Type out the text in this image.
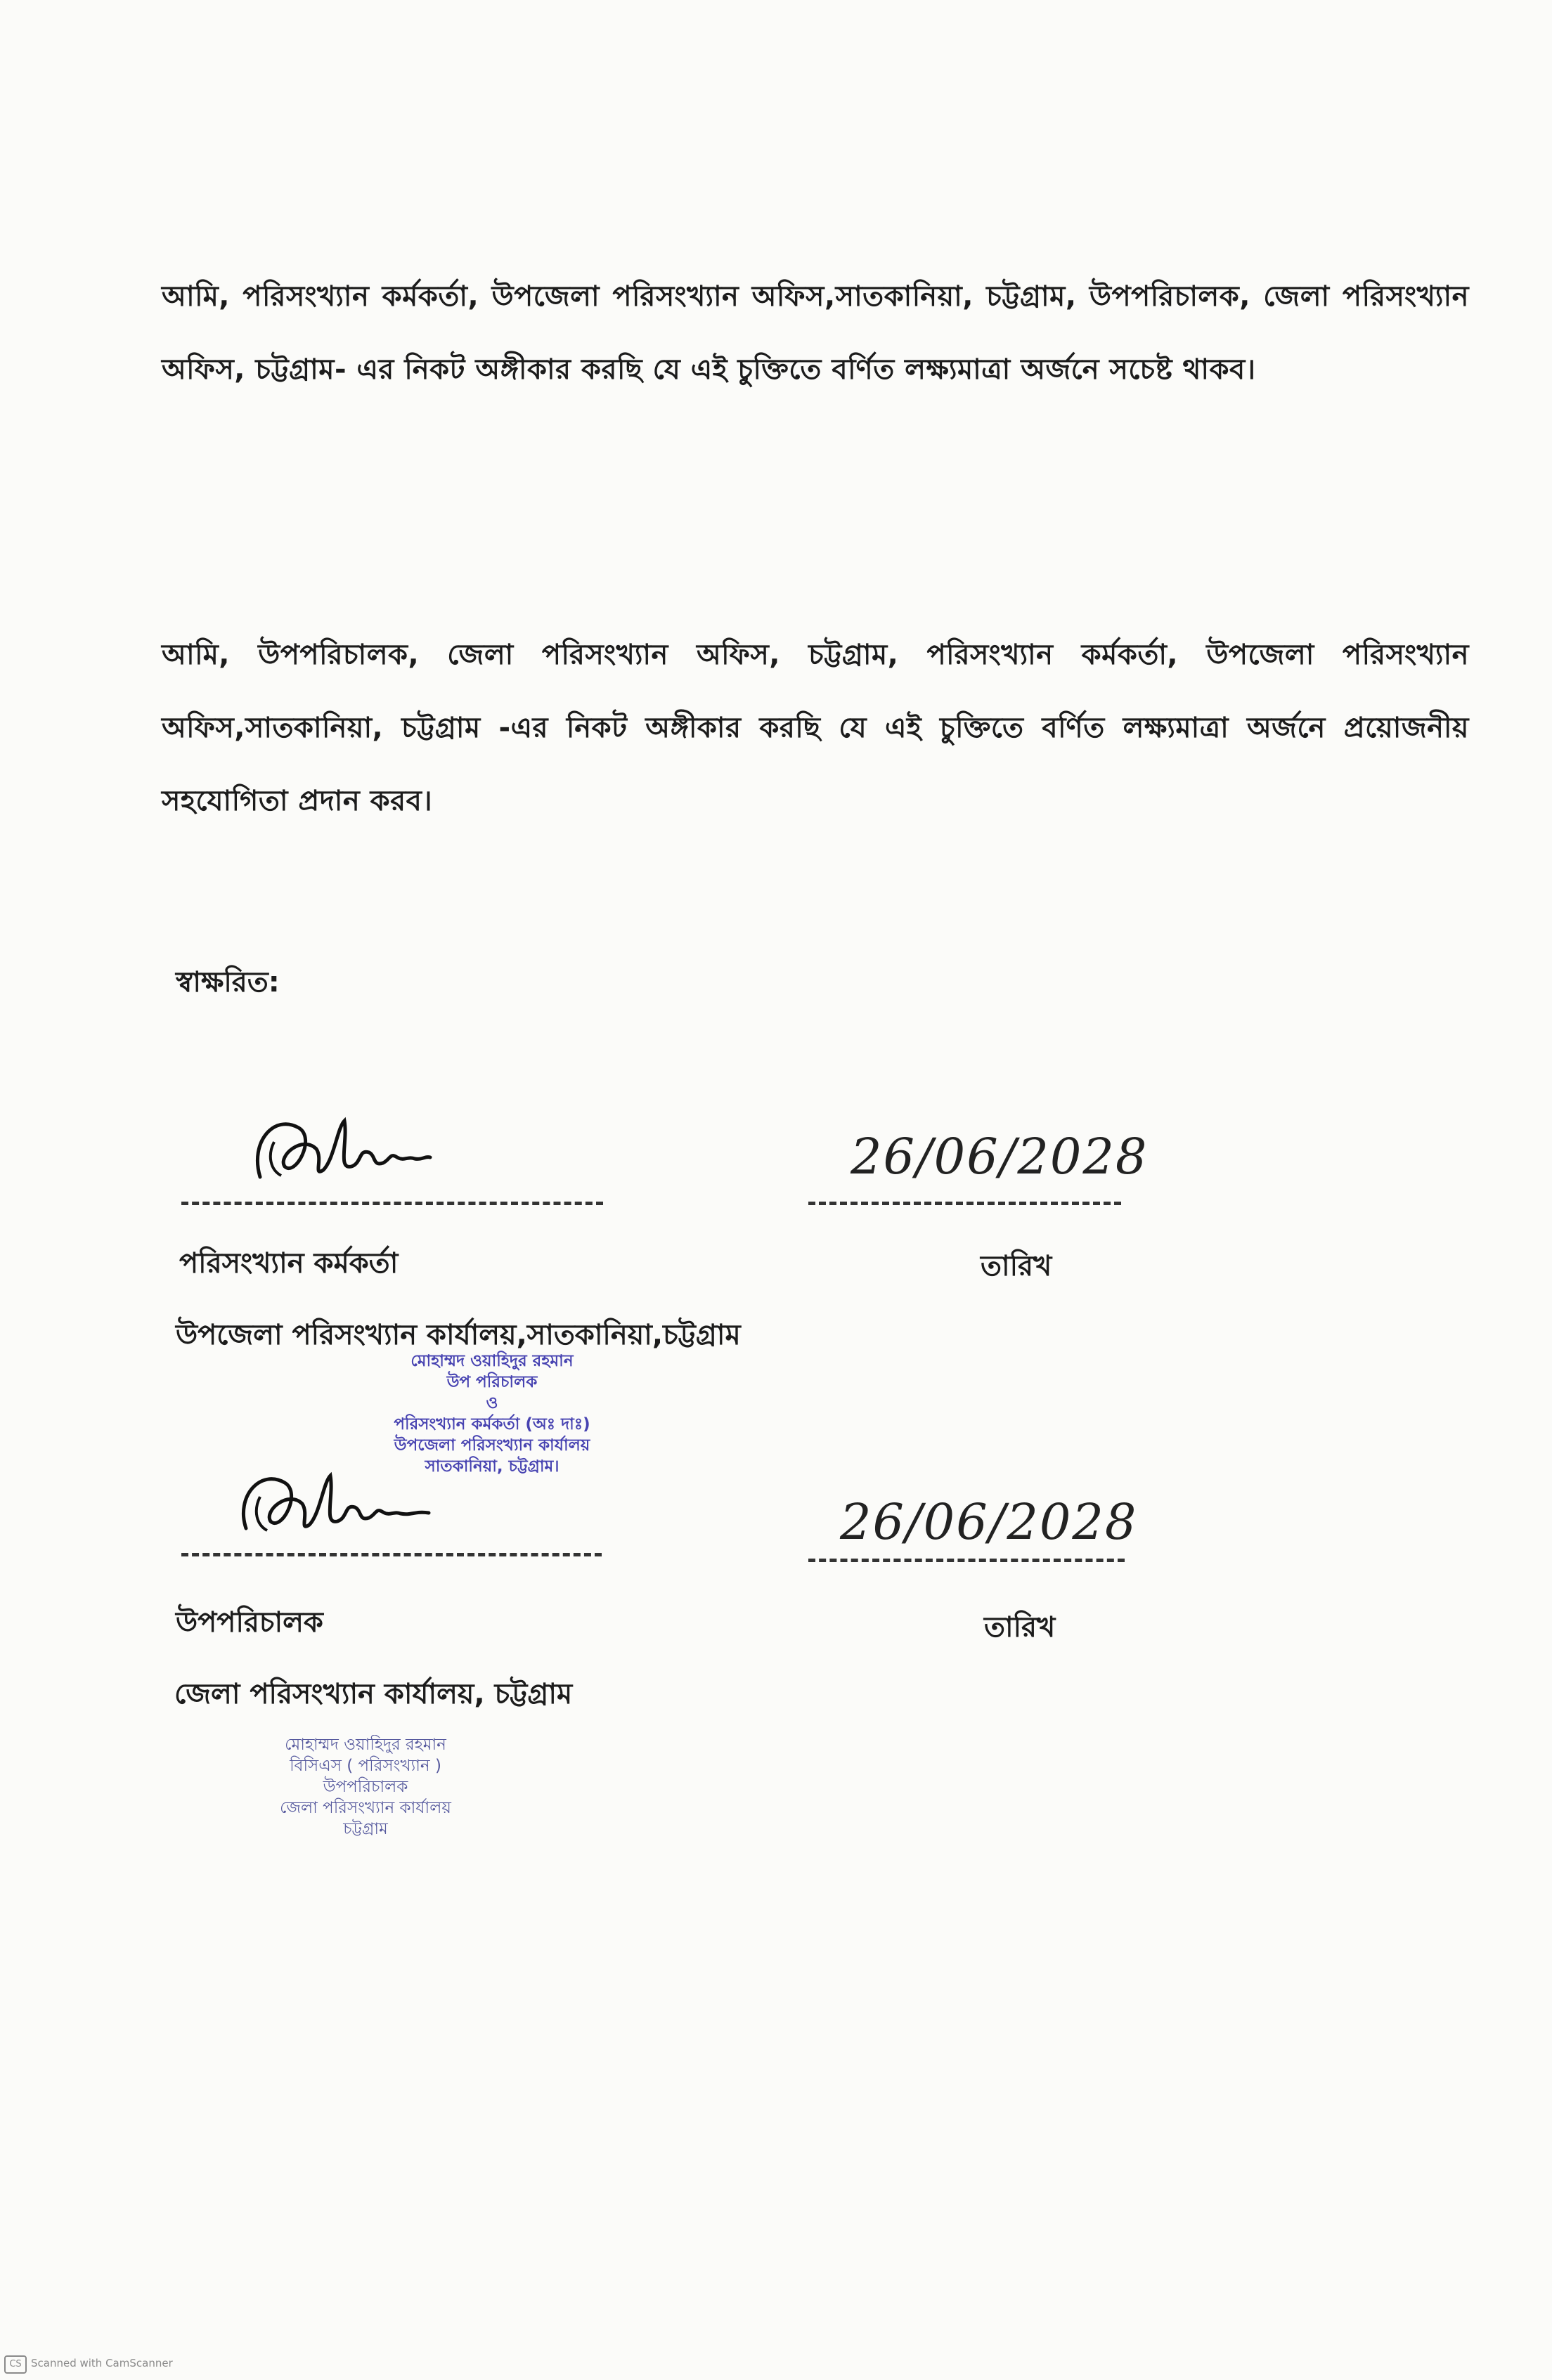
আমি, পরিসংখ্যান কর্মকর্তা, উপজেলা পরিসংখ্যান অফিস,সাতকানিয়া, চট্টগ্রাম, উপপরিচালক, জেলা পরিসংখ্যান অফিস, চট্টগ্রাম- এর নিকট অঙ্গীকার করছি যে এই চুক্তিতে বর্ণিত লক্ষ্যমাত্রা অর্জনে সচেষ্ট থাকব।
আমি, উপপরিচালক, জেলা পরিসংখ্যান অফিস, চট্টগ্রাম, পরিসংখ্যান কর্মকর্তা, উপজেলা পরিসংখ্যান অফিস,সাতকানিয়া, চট্টগ্রাম -এর নিকট অঙ্গীকার করছি যে এই চুক্তিতে বর্ণিত লক্ষ্যমাত্রা অর্জনে প্রয়োজনীয় সহযোগিতা প্রদান করব।
স্বাক্ষরিত:
26/06/2028
পরিসংখ্যান কর্মকর্তা	তারিখ
উপজেলা পরিসংখ্যান কার্যালয়,সাতকানিয়া,চট্টগ্রাম
মোহাম্মদ ওয়াহিদুর রহমান
উপ পরিচালক
ও
পরিসংখ্যান কর্মকর্তা (অঃ দাঃ)
উপজেলা পরিসংখ্যান কার্যালয়
সাতকানিয়া, চট্টগ্রাম।
26/06/2028
উপপরিচালক	তারিখ
জেলা পরিসংখ্যান কার্যালয়, চট্টগ্রাম
মোহাম্মদ ওয়াহিদুর রহমান
বিসিএস ( পরিসংখ্যান )
উপপরিচালক
জেলা পরিসংখ্যান কার্যালয়
চট্টগ্রাম
CS Scanned with CamScanner
